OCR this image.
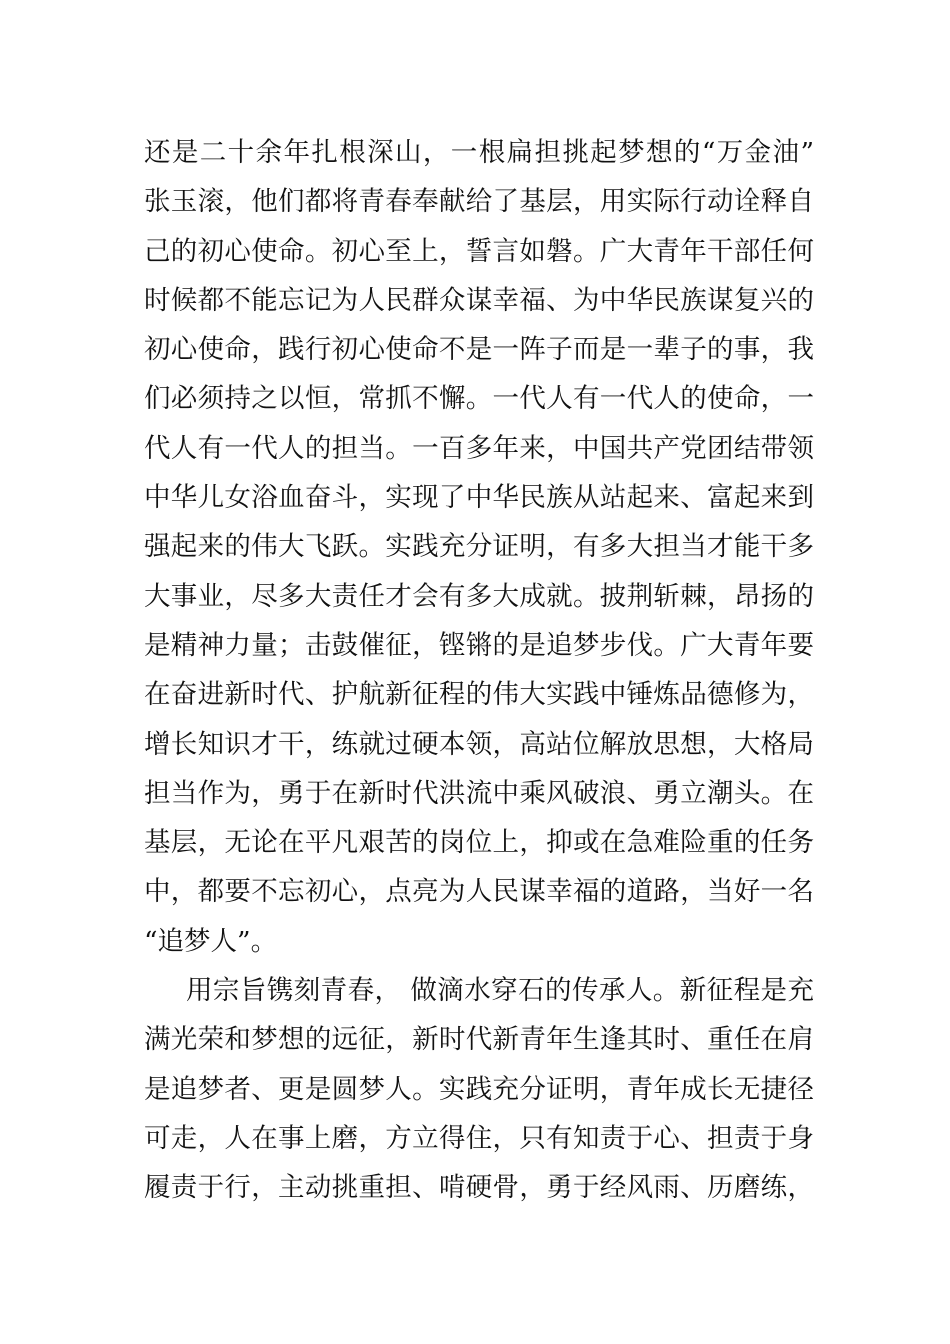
还是二十余年扎根深山，一根扁担挑起梦想的“万金油”
张玉滚，他们都将青春奉献给了基层，用实际行动诠释自
己的初心使命。初心至上，誓言如磐。广大青年干部任何
时候都不能忘记为人民群众谋幸福、为中华民族谋复兴的
初心使命，践行初心使命不是一阵子而是一辈子的事，我
们必须持之以恒，常抓不懈。一代人有一代人的使命，一
代人有一代人的担当。一百多年来，中国共产党团结带领
中华儿女浴血奋斗，实现了中华民族从站起来、富起来到
强起来的伟大飞跃。实践充分证明，有多大担当才能干多
大事业，尽多大责任才会有多大成就。披荆斩棘，昂扬的
是精神力量；击鼓催征，铿锵的是追梦步伐。广大青年要
在奋进新时代、护航新征程的伟大实践中锤炼品德修为，
增长知识才干，练就过硬本领，高站位解放思想，大格局
担当作为，勇于在新时代洪流中乘风破浪、勇立潮头。在
基层，无论在平凡艰苦的岗位上，抑或在急难险重的任务
中，都要不忘初心，点亮为人民谋幸福的道路，当好一名
“追梦人”。
用宗旨镌刻青春， 做滴水穿石的传承人。新征程是充
满光荣和梦想的远征，新时代新青年生逢其时、重任在肩
是追梦者、更是圆梦人。实践充分证明，青年成长无捷径
可走，人在事上磨，方立得住，只有知责于心、担责于身
履责于行，主动挑重担、啃硬骨，勇于经风雨、历磨练，
